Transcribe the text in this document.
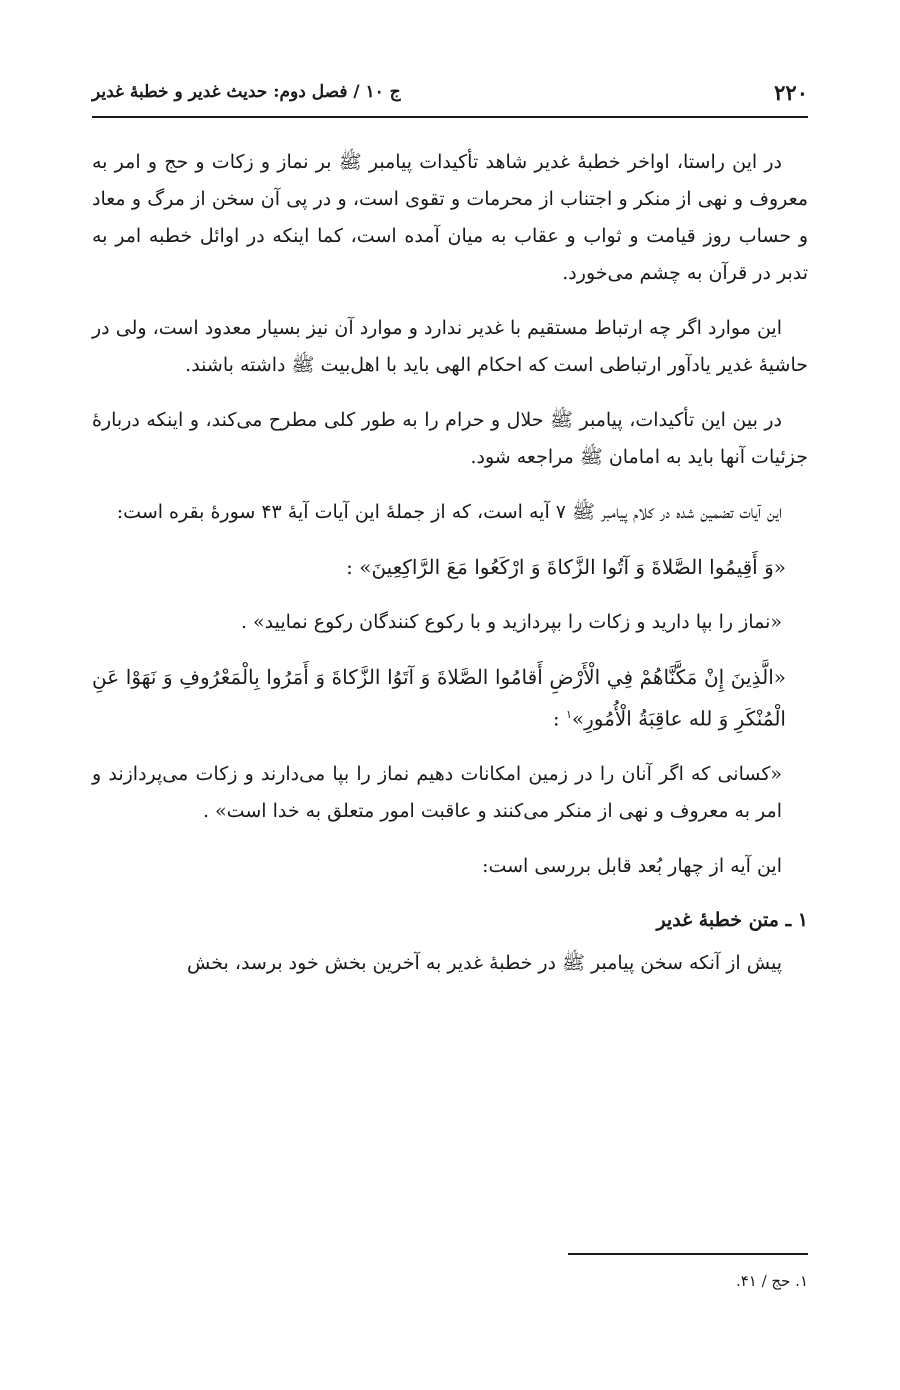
۲۲۰
ج ۱۰ / فصل دوم: حدیث غدیر و خطبهٔ غدیر

در این راستا، اواخر خطبهٔ غدیر شاهد تأکیدات پیامبر ﷺ بر نماز و زکات و حج و امر به معروف و نهی از منکر و اجتناب از محرمات و تقوی است، و در پی آن سخن از مرگ و معاد و حساب روز قیامت و ثواب و عقاب به میان آمده است، کما اینکه در اوائل خطبه امر به تدبر در قرآن به چشم می‌خورد.

این موارد اگر چه ارتباط مستقیم با غدیر ندارد و موارد آن نیز بسیار معدود است، ولی در حاشیهٔ غدیر یادآور ارتباطی است که احکام الهی باید با اهل‌بیت ﷺ داشته باشند.

در بین این تأکیدات، پیامبر ﷺ حلال و حرام را به طور کلی مطرح می‌کند، و اینکه دربارهٔ جزئیات آنها باید به امامان ﷺ مراجعه شود.

این آیات تضمین شده در کلام پیامبر ﷺ ۷ آیه است، که از جملهٔ این آیات آیهٔ ۴۳ سورهٔ بقره است:

«وَ أَقِيمُوا الصَّلاةَ وَ آتُوا الزَّكاةَ وَ ارْكَعُوا مَعَ الرَّاكِعِينَ» :

«نماز را بپا دارید و زکات را بپردازید و با رکوع کنندگان رکوع نمایید» .

«الَّذِينَ إِنْ مَكَّنَّاهُمْ فِي الْأَرْضِ أَقامُوا الصَّلاةَ وَ آتَوُا الزَّكاةَ وَ أَمَرُوا بِالْمَعْرُوفِ وَ نَهَوْا عَنِ الْمُنْكَرِ وَ لله عاقِبَةُ الْأُمُورِ»$^۱$ :

«کسانی که اگر آنان را در زمین امکانات دهیم نماز را بپا می‌دارند و زکات می‌پردازند و امر به معروف و نهی از منکر می‌کنند و عاقبت امور متعلق به خدا است» .

این آیه از چهار بُعد قابل بررسی است:

۱ ـ متن خطبهٔ غدیر

پیش از آنکه سخن پیامبر ﷺ در خطبهٔ غدیر به آخرین بخش خود برسد، بخش

۱. حج / ۴۱.
